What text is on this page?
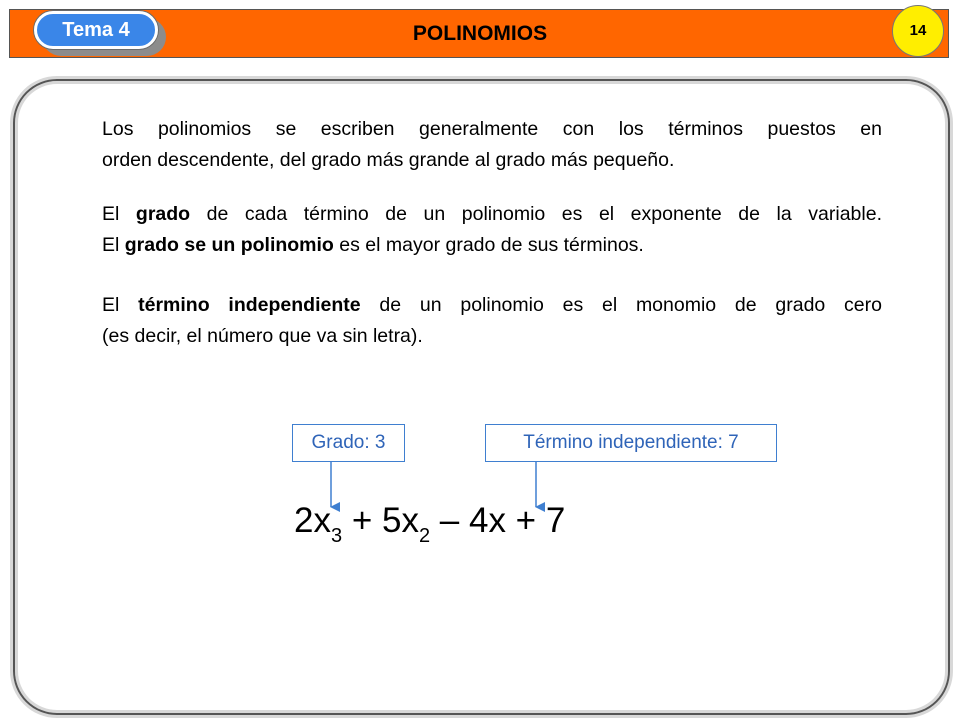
POLINOMIOS
Tema 4	14
Los polinomios se escriben generalmente con los términos puestos en
orden descendente, del grado más grande al grado más pequeño.
El grado de cada término de un polinomio es el exponente de la variable.
El grado se un polinomio es el mayor grado de sus términos.
El término independiente de un polinomio es el monomio de grado cero
(es decir, el número que va sin letra).
Grado: 3	Término independiente: 7
$2x^3 + 5x^2 - 4x + 7$
